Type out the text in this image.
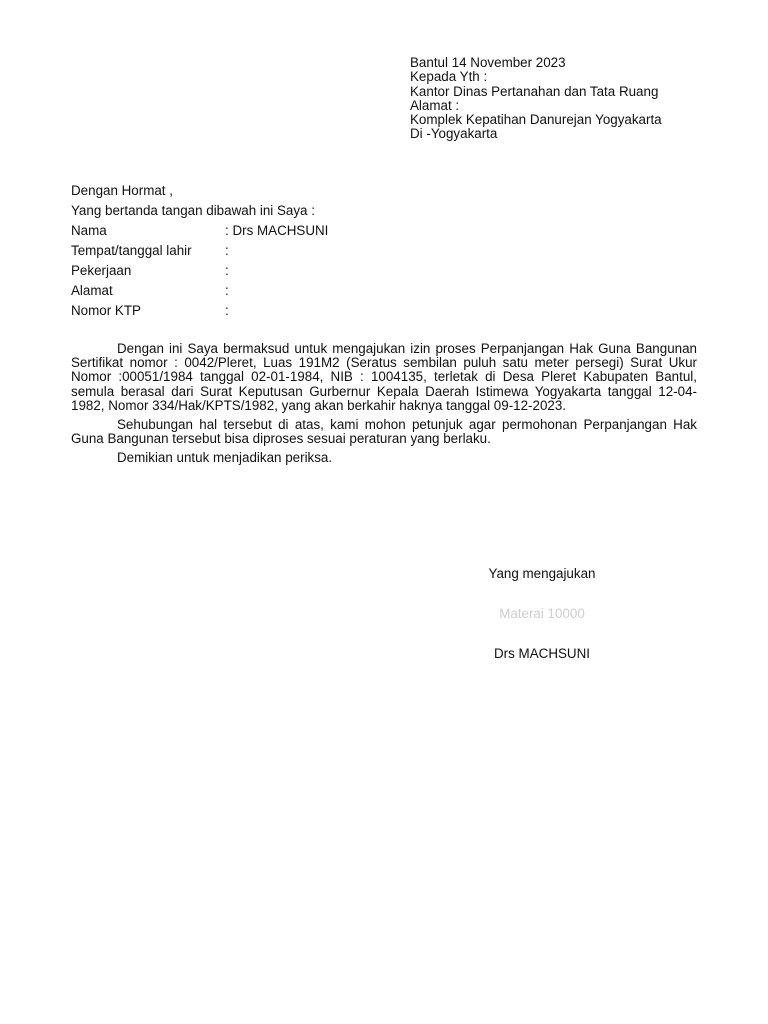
Bantul 14 November 2023
Kepada Yth :
Kantor Dinas Pertanahan dan Tata Ruang
Alamat :
Komplek Kepatihan Danurejan Yogyakarta
Di -Yogyakarta
Dengan Hormat ,
Yang bertanda tangan dibawah ini Saya :
Nama	: Drs MACHSUNI
Tempat/tanggal lahir :
Pekerjaan	:
Alamat	:
Nomor KTP	:

Dengan ini Saya bermaksud untuk mengajukan izin proses Perpanjangan Hak Guna Bangunan Sertifikat nomor : 0042/Pleret, Luas 191M2 (Seratus sembilan puluh satu meter persegi) Surat Ukur Nomor :00051/1984 tanggal 02-01-1984, NIB : 1004135, terletak di Desa Pleret Kabupaten Bantul, semula berasal dari Surat Keputusan Gurbernur Kepala Daerah Istimewa Yogyakarta tanggal 12-04-1982, Nomor 334/Hak/KPTS/1982, yang akan berkahir haknya tanggal 09-12-2023.

Sehubungan hal tersebut di atas, kami mohon petunjuk agar permohonan Perpanjangan Hak Guna Bangunan tersebut bisa diproses sesuai peraturan yang berlaku.

Demikian untuk menjadikan periksa.

Yang mengajukan
Materai 10000
Drs MACHSUNI
